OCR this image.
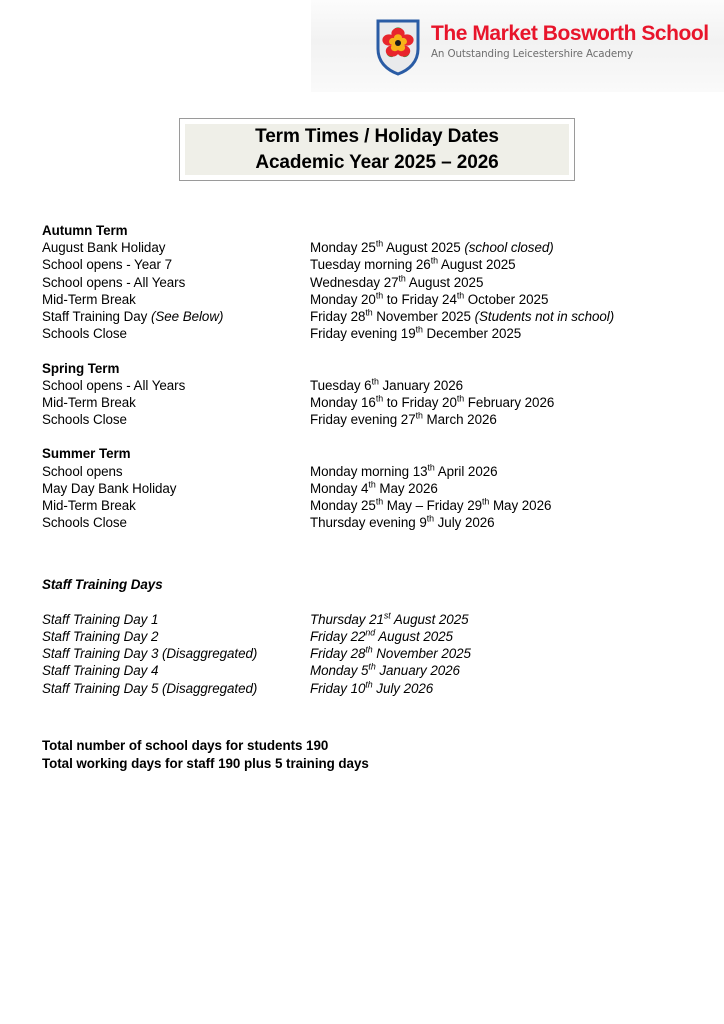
The Market Bosworth School
An Outstanding Leicestershire Academy
Term Times / Holiday Dates
Academic Year 2025 – 2026
Autumn Term
August Bank Holiday	Monday 25th August 2025 (school closed)
School opens - Year 7	Tuesday morning 26th August 2025
School opens - All Years	Wednesday 27th August 2025
Mid-Term Break	Monday 20th to Friday 24th October 2025
Staff Training Day (See Below)	Friday 28th November 2025 (Students not in school)
Schools Close	Friday evening 19th December 2025
Spring Term
School opens - All Years	Tuesday 6th January 2026
Mid-Term Break	Monday 16th to Friday 20th February 2026
Schools Close	Friday evening 27th March 2026
Summer Term
School opens	Monday morning 13th April 2026
May Day Bank Holiday	Monday 4th May 2026
Mid-Term Break	Monday 25th May – Friday 29th May 2026
Schools Close	Thursday evening 9th July 2026
Staff Training Days
Staff Training Day 1	Thursday 21st August 2025
Staff Training Day 2	Friday 22nd August 2025
Staff Training Day 3 (Disaggregated)	Friday 28th November 2025
Staff Training Day 4	Monday 5th January 2026
Staff Training Day 5 (Disaggregated)	Friday 10th July 2026
Total number of school days for students 190
Total working days for staff 190 plus 5 training days
